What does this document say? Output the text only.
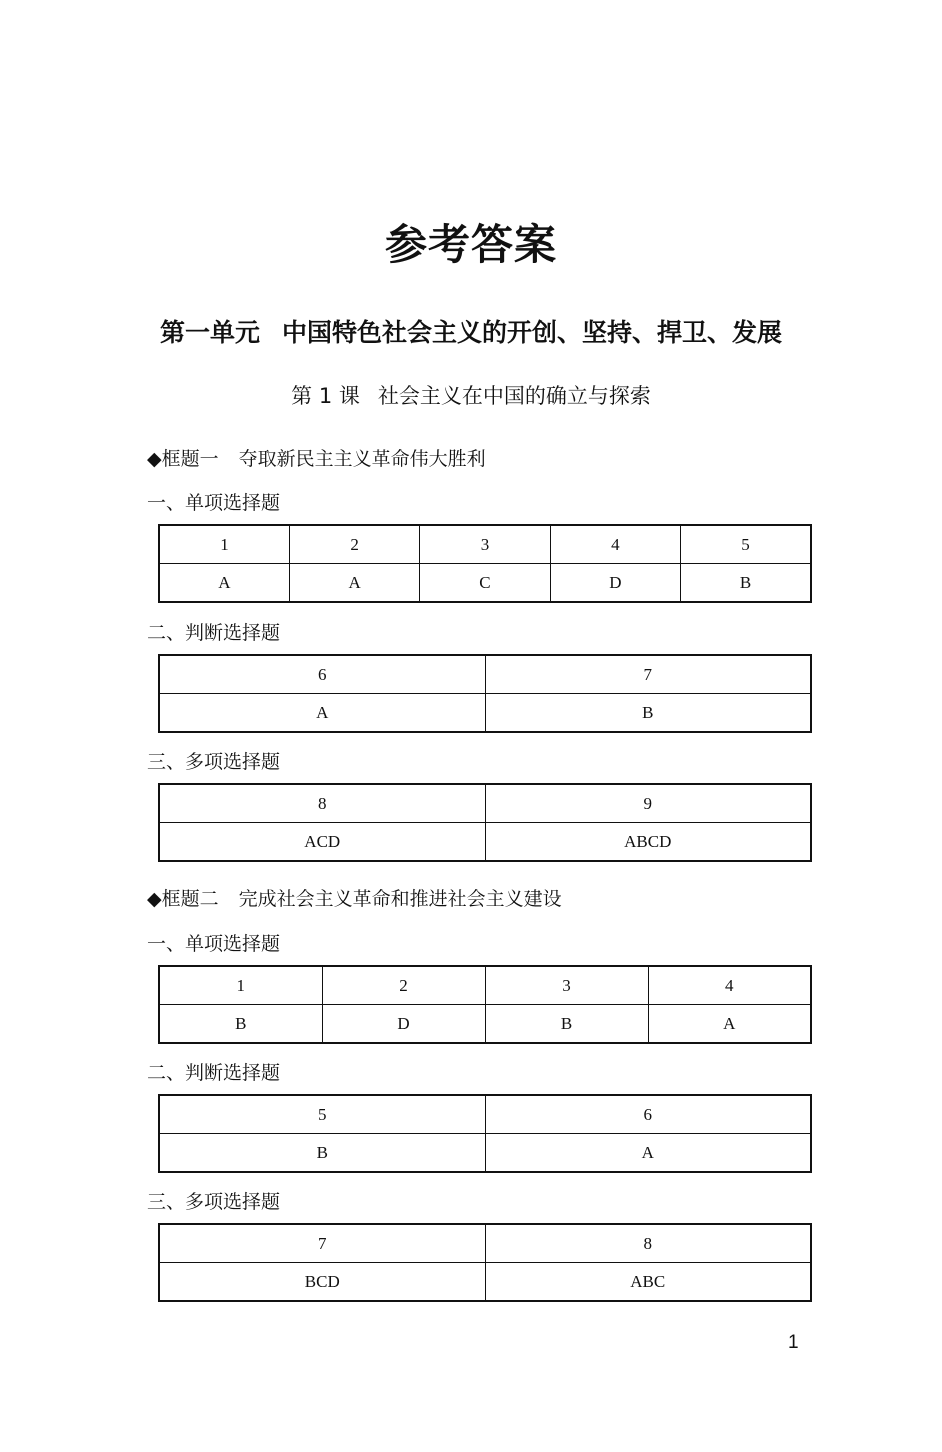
参考答案
第一单元 中国特色社会主义的开创、坚持、捍卫、发展
第 1 课 社会主义在中国的确立与探索
◆框题一 夺取新民主主义革命伟大胜利
一、单项选择题
1	2	3	4	5
A	A	C	D	B
二、判断选择题
6	7
A	B
三、多项选择题
8	9
ACD	ABCD
◆框题二 完成社会主义革命和推进社会主义建设
一、单项选择题
1	2	3	4
B	D	B	A
二、判断选择题
5	6
B	A
三、多项选择题
7	8
BCD	ABC
1
